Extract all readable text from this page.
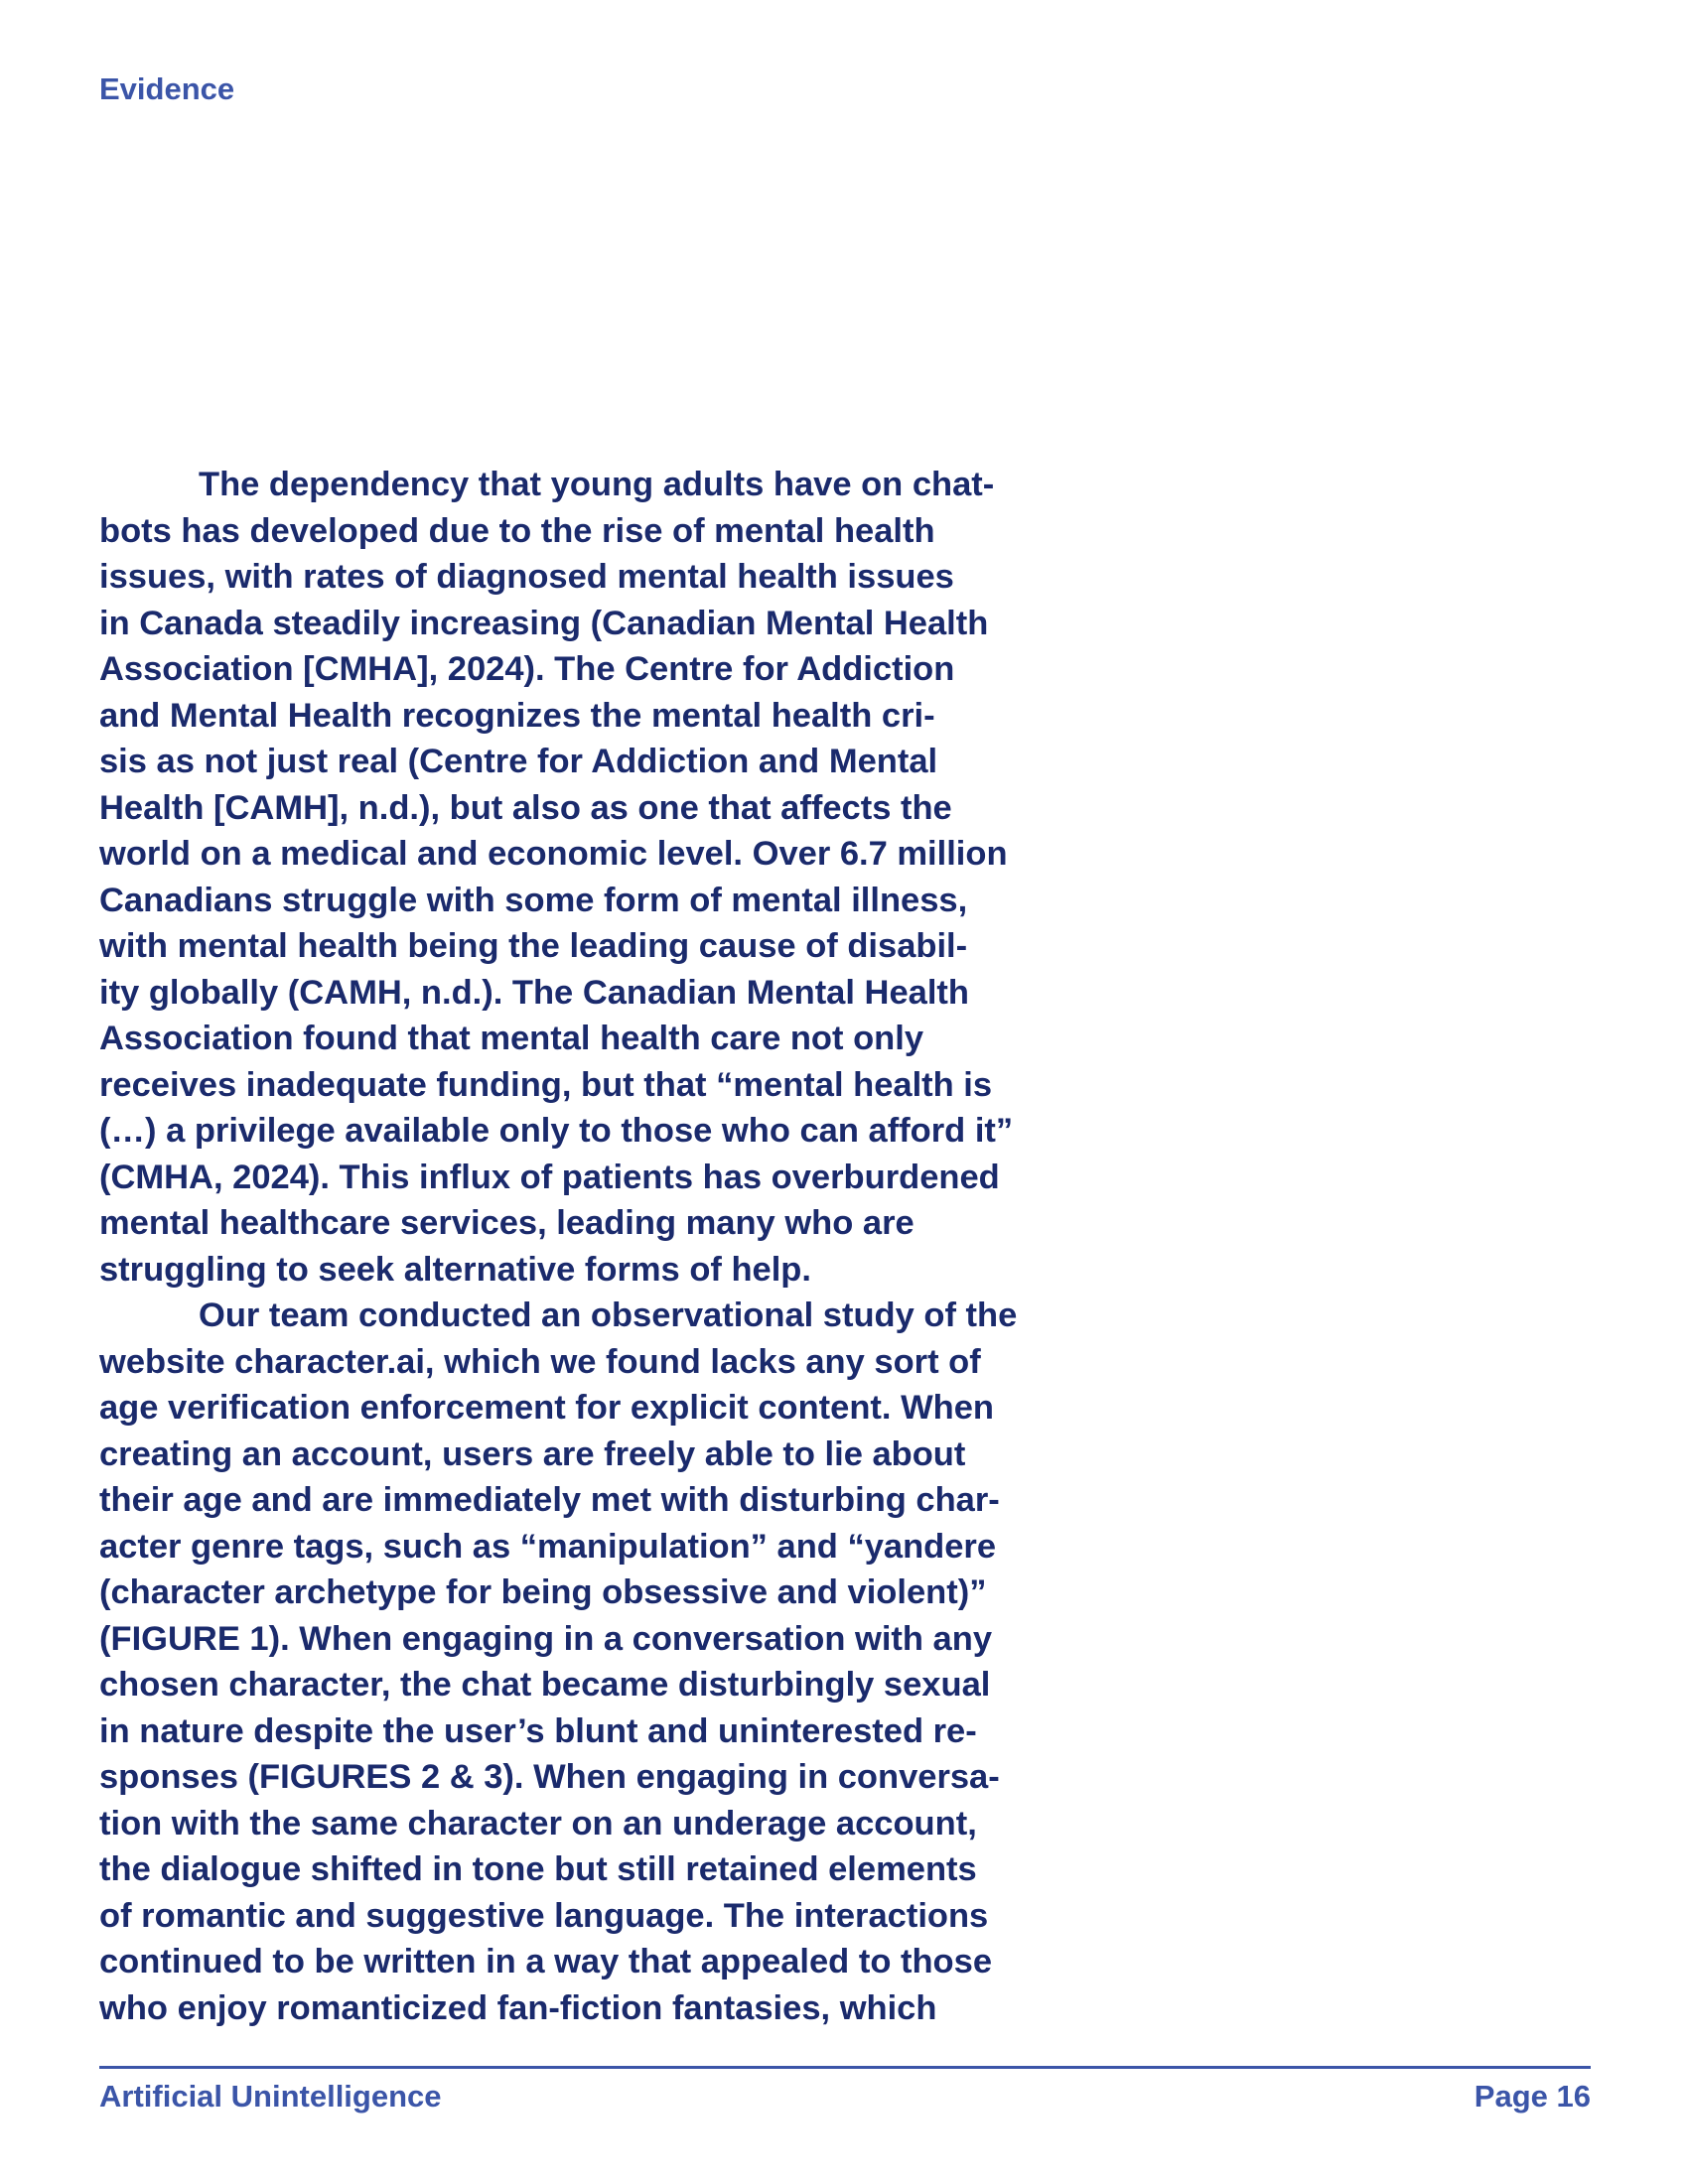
Evidence
The dependency that young adults have on chat-
bots has developed due to the rise of mental health
issues, with rates of diagnosed mental health issues
in Canada steadily increasing (Canadian Mental Health
Association [CMHA], 2024). The Centre for Addiction
and Mental Health recognizes the mental health cri-
sis as not just real (Centre for Addiction and Mental
Health [CAMH], n.d.), but also as one that affects the
world on a medical and economic level. Over 6.7 million
Canadians struggle with some form of mental illness,
with mental health being the leading cause of disabil-
ity globally (CAMH, n.d.). The Canadian Mental Health
Association found that mental health care not only
receives inadequate funding, but that “mental health is
(…) a privilege available only to those who can afford it”
(CMHA, 2024). This influx of patients has overburdened
mental healthcare services, leading many who are
struggling to seek alternative forms of help.
Our team conducted an observational study of the
website character.ai, which we found lacks any sort of
age verification enforcement for explicit content. When
creating an account, users are freely able to lie about
their age and are immediately met with disturbing char-
acter genre tags, such as “manipulation” and “yandere
(character archetype for being obsessive and violent)”
(FIGURE 1). When engaging in a conversation with any
chosen character, the chat became disturbingly sexual
in nature despite the user’s blunt and uninterested re-
sponses (FIGURES 2 & 3). When engaging in conversa-
tion with the same character on an underage account,
the dialogue shifted in tone but still retained elements
of romantic and suggestive language. The interactions
continued to be written in a way that appealed to those
who enjoy romanticized fan-fiction fantasies, which
Artificial Unintelligence	Page 16
